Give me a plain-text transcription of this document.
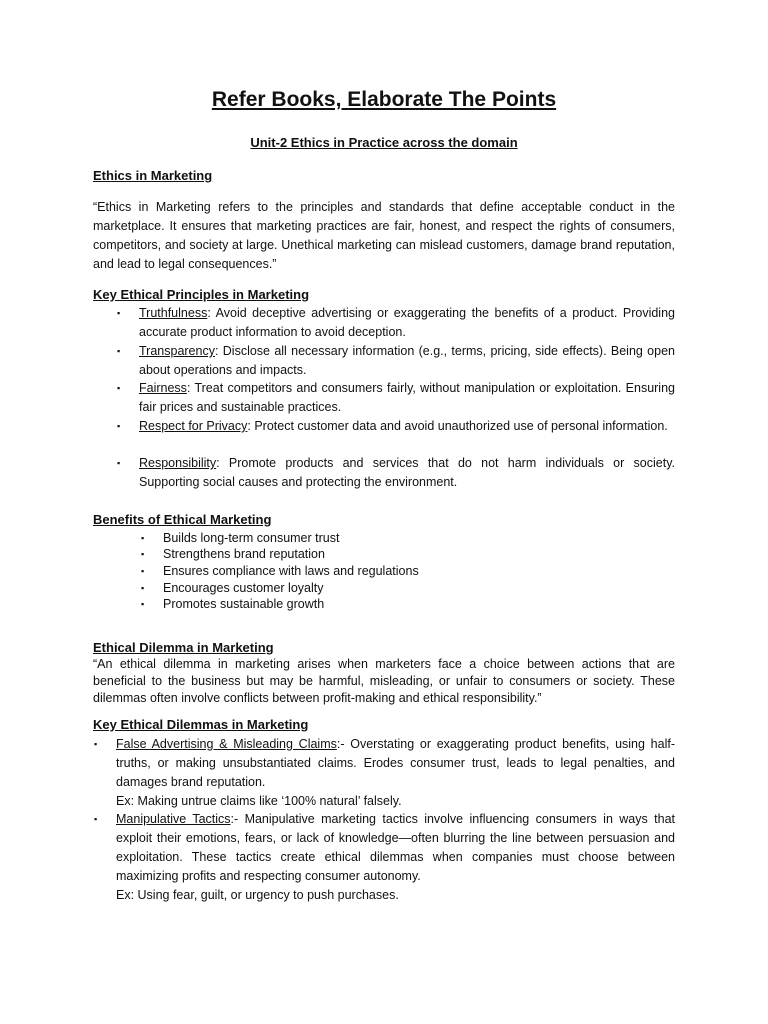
Refer Books, Elaborate The Points
Unit-2 Ethics in Practice across the domain
Ethics in Marketing
“Ethics in Marketing refers to the principles and standards that define acceptable conduct in the marketplace. It ensures that marketing practices are fair, honest, and respect the rights of consumers, competitors, and society at large. Unethical marketing can mislead customers, damage brand reputation, and lead to legal consequences.”
Key Ethical Principles in Marketing
▪
Truthfulness: Avoid deceptive advertising or exaggerating the benefits of a product. Providing accurate product information to avoid deception.
▪
Transparency: Disclose all necessary information (e.g., terms, pricing, side effects). Being open about operations and impacts.
▪
Fairness: Treat competitors and consumers fairly, without manipulation or exploitation. Ensuring fair prices and sustainable practices.
▪
Respect for Privacy: Protect customer data and avoid unauthorized use of personal information.
▪
Responsibility: Promote products and services that do not harm individuals or society. Supporting social causes and protecting the environment.
Benefits of Ethical Marketing
▪
Builds long-term consumer trust
▪
Strengthens brand reputation
▪
Ensures compliance with laws and regulations
▪
Encourages customer loyalty
▪
Promotes sustainable growth
Ethical Dilemma in Marketing
“An ethical dilemma in marketing arises when marketers face a choice between actions that are beneficial to the business but may be harmful, misleading, or unfair to consumers or society. These dilemmas often involve conflicts between profit-making and ethical responsibility.”
Key Ethical Dilemmas in Marketing
▪
False Advertising & Misleading Claims:- Overstating or exaggerating product benefits, using half-truths, or making unsubstantiated claims. Erodes consumer trust, leads to legal penalties, and damages brand reputation.
Ex: Making untrue claims like ‘100% natural’ falsely.
▪
Manipulative Tactics:- Manipulative marketing tactics involve influencing consumers in ways that exploit their emotions, fears, or lack of knowledge—often blurring the line between persuasion and exploitation. These tactics create ethical dilemmas when companies must choose between maximizing profits and respecting consumer autonomy.
Ex: Using fear, guilt, or urgency to push purchases.
